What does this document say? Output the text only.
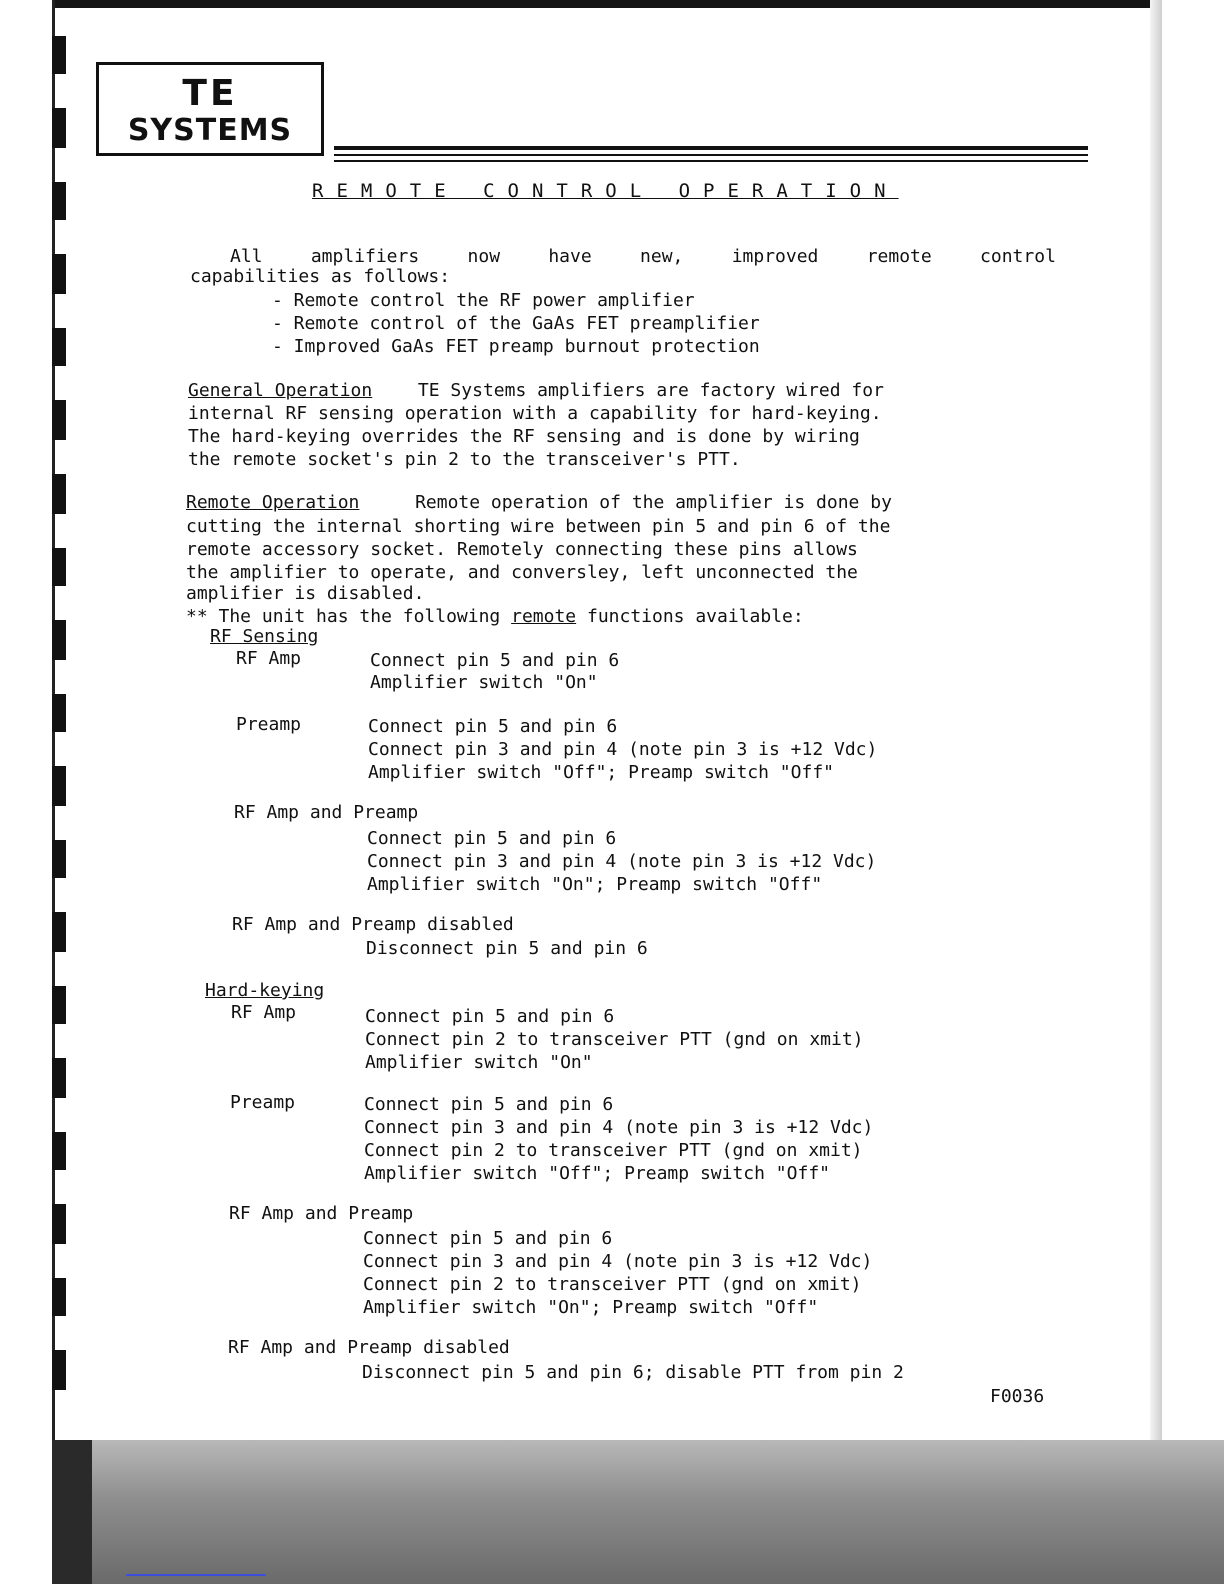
TE
SYSTEMS
REMOTE CONTROL OPERATION
All	amplifiers	now	have	new,	improved	remote	control
capabilities as follows:
- Remote control the RF power amplifier
- Remote control of the GaAs FET preamplifier
- Improved GaAs FET preamp burnout protection
General Operation	TE Systems amplifiers are factory wired for
internal RF sensing operation with a capability for hard-keying.
The hard-keying overrides the RF sensing and is done by wiring
the remote socket's pin 2 to the transceiver's PTT.
Remote Operation	Remote operation of the amplifier is done by
cutting the internal shorting wire between pin 5 and pin 6 of the
remote accessory socket. Remotely connecting these pins allows
the amplifier to operate, and conversley, left unconnected the
amplifier is disabled.
** The unit has the following remote functions available:
RF Sensing
RF Amp	Connect pin 5 and pin 6
Amplifier switch "On"
Preamp	Connect pin 5 and pin 6
Connect pin 3 and pin 4 (note pin 3 is +12 Vdc)
Amplifier switch "Off"; Preamp switch "Off"
RF Amp and Preamp
Connect pin 5 and pin 6
Connect pin 3 and pin 4 (note pin 3 is +12 Vdc)
Amplifier switch "On"; Preamp switch "Off"
RF Amp and Preamp disabled
Disconnect pin 5 and pin 6
Hard-keying
RF Amp	Connect pin 5 and pin 6
Connect pin 2 to transceiver PTT (gnd on xmit)
Amplifier switch "On"
Preamp	Connect pin 5 and pin 6
Connect pin 3 and pin 4 (note pin 3 is +12 Vdc)
Connect pin 2 to transceiver PTT (gnd on xmit)
Amplifier switch "Off"; Preamp switch "Off"
RF Amp and Preamp
Connect pin 5 and pin 6
Connect pin 3 and pin 4 (note pin 3 is +12 Vdc)
Connect pin 2 to transceiver PTT (gnd on xmit)
Amplifier switch "On"; Preamp switch "Off"
RF Amp and Preamp disabled
Disconnect pin 5 and pin 6; disable PTT from pin 2
F0036
